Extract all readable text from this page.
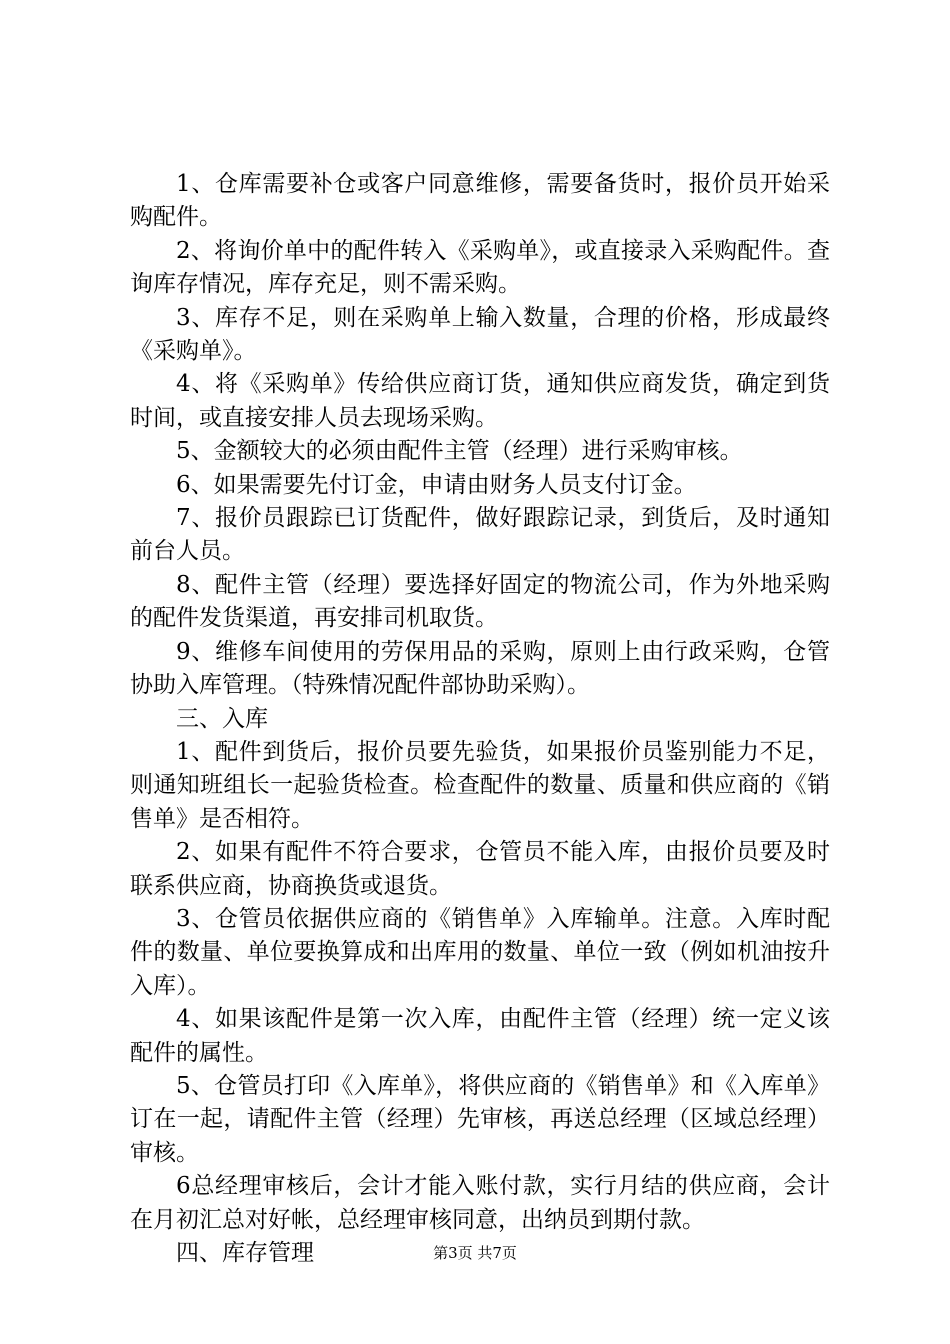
1、仓库需要补仓或客户同意维修，需要备货时，报价员开始采购配件。

2、将询价单中的配件转入《采购单》，或直接录入采购配件。查询库存情况，库存充足，则不需采购。

3、库存不足，则在采购单上输入数量，合理的价格，形成最终《采购单》。

4、将《采购单》传给供应商订货，通知供应商发货，确定到货时间，或直接安排人员去现场采购。

5、金额较大的必须由配件主管（经理）进行采购审核。

6、如果需要先付订金，申请由财务人员支付订金。

7、报价员跟踪已订货配件，做好跟踪记录，到货后，及时通知前台人员。

8、配件主管（经理）要选择好固定的物流公司，作为外地采购的配件发货渠道，再安排司机取货。

9、维修车间使用的劳保用品的采购，原则上由行政采购，仓管协助入库管理。（特殊情况配件部协助采购）。

三、入库

1、配件到货后，报价员要先验货，如果报价员鉴别能力不足，则通知班组长一起验货检查。检查配件的数量、质量和供应商的《销售单》是否相符。

2、如果有配件不符合要求，仓管员不能入库，由报价员要及时联系供应商，协商换货或退货。

3、仓管员依据供应商的《销售单》入库输单。注意。入库时配件的数量、单位要换算成和出库用的数量、单位一致（例如机油按升入库）。

4、如果该配件是第一次入库，由配件主管（经理）统一定义该配件的属性。

5、仓管员打印《入库单》，将供应商的《销售单》和《入库单》订在一起，请配件主管（经理）先审核，再送总经理（区域总经理）审核。

6总经理审核后，会计才能入账付款，实行月结的供应商，会计在月初汇总对好帐，总经理审核同意，出纳员到期付款。

四、库存管理	第3页 共7页
